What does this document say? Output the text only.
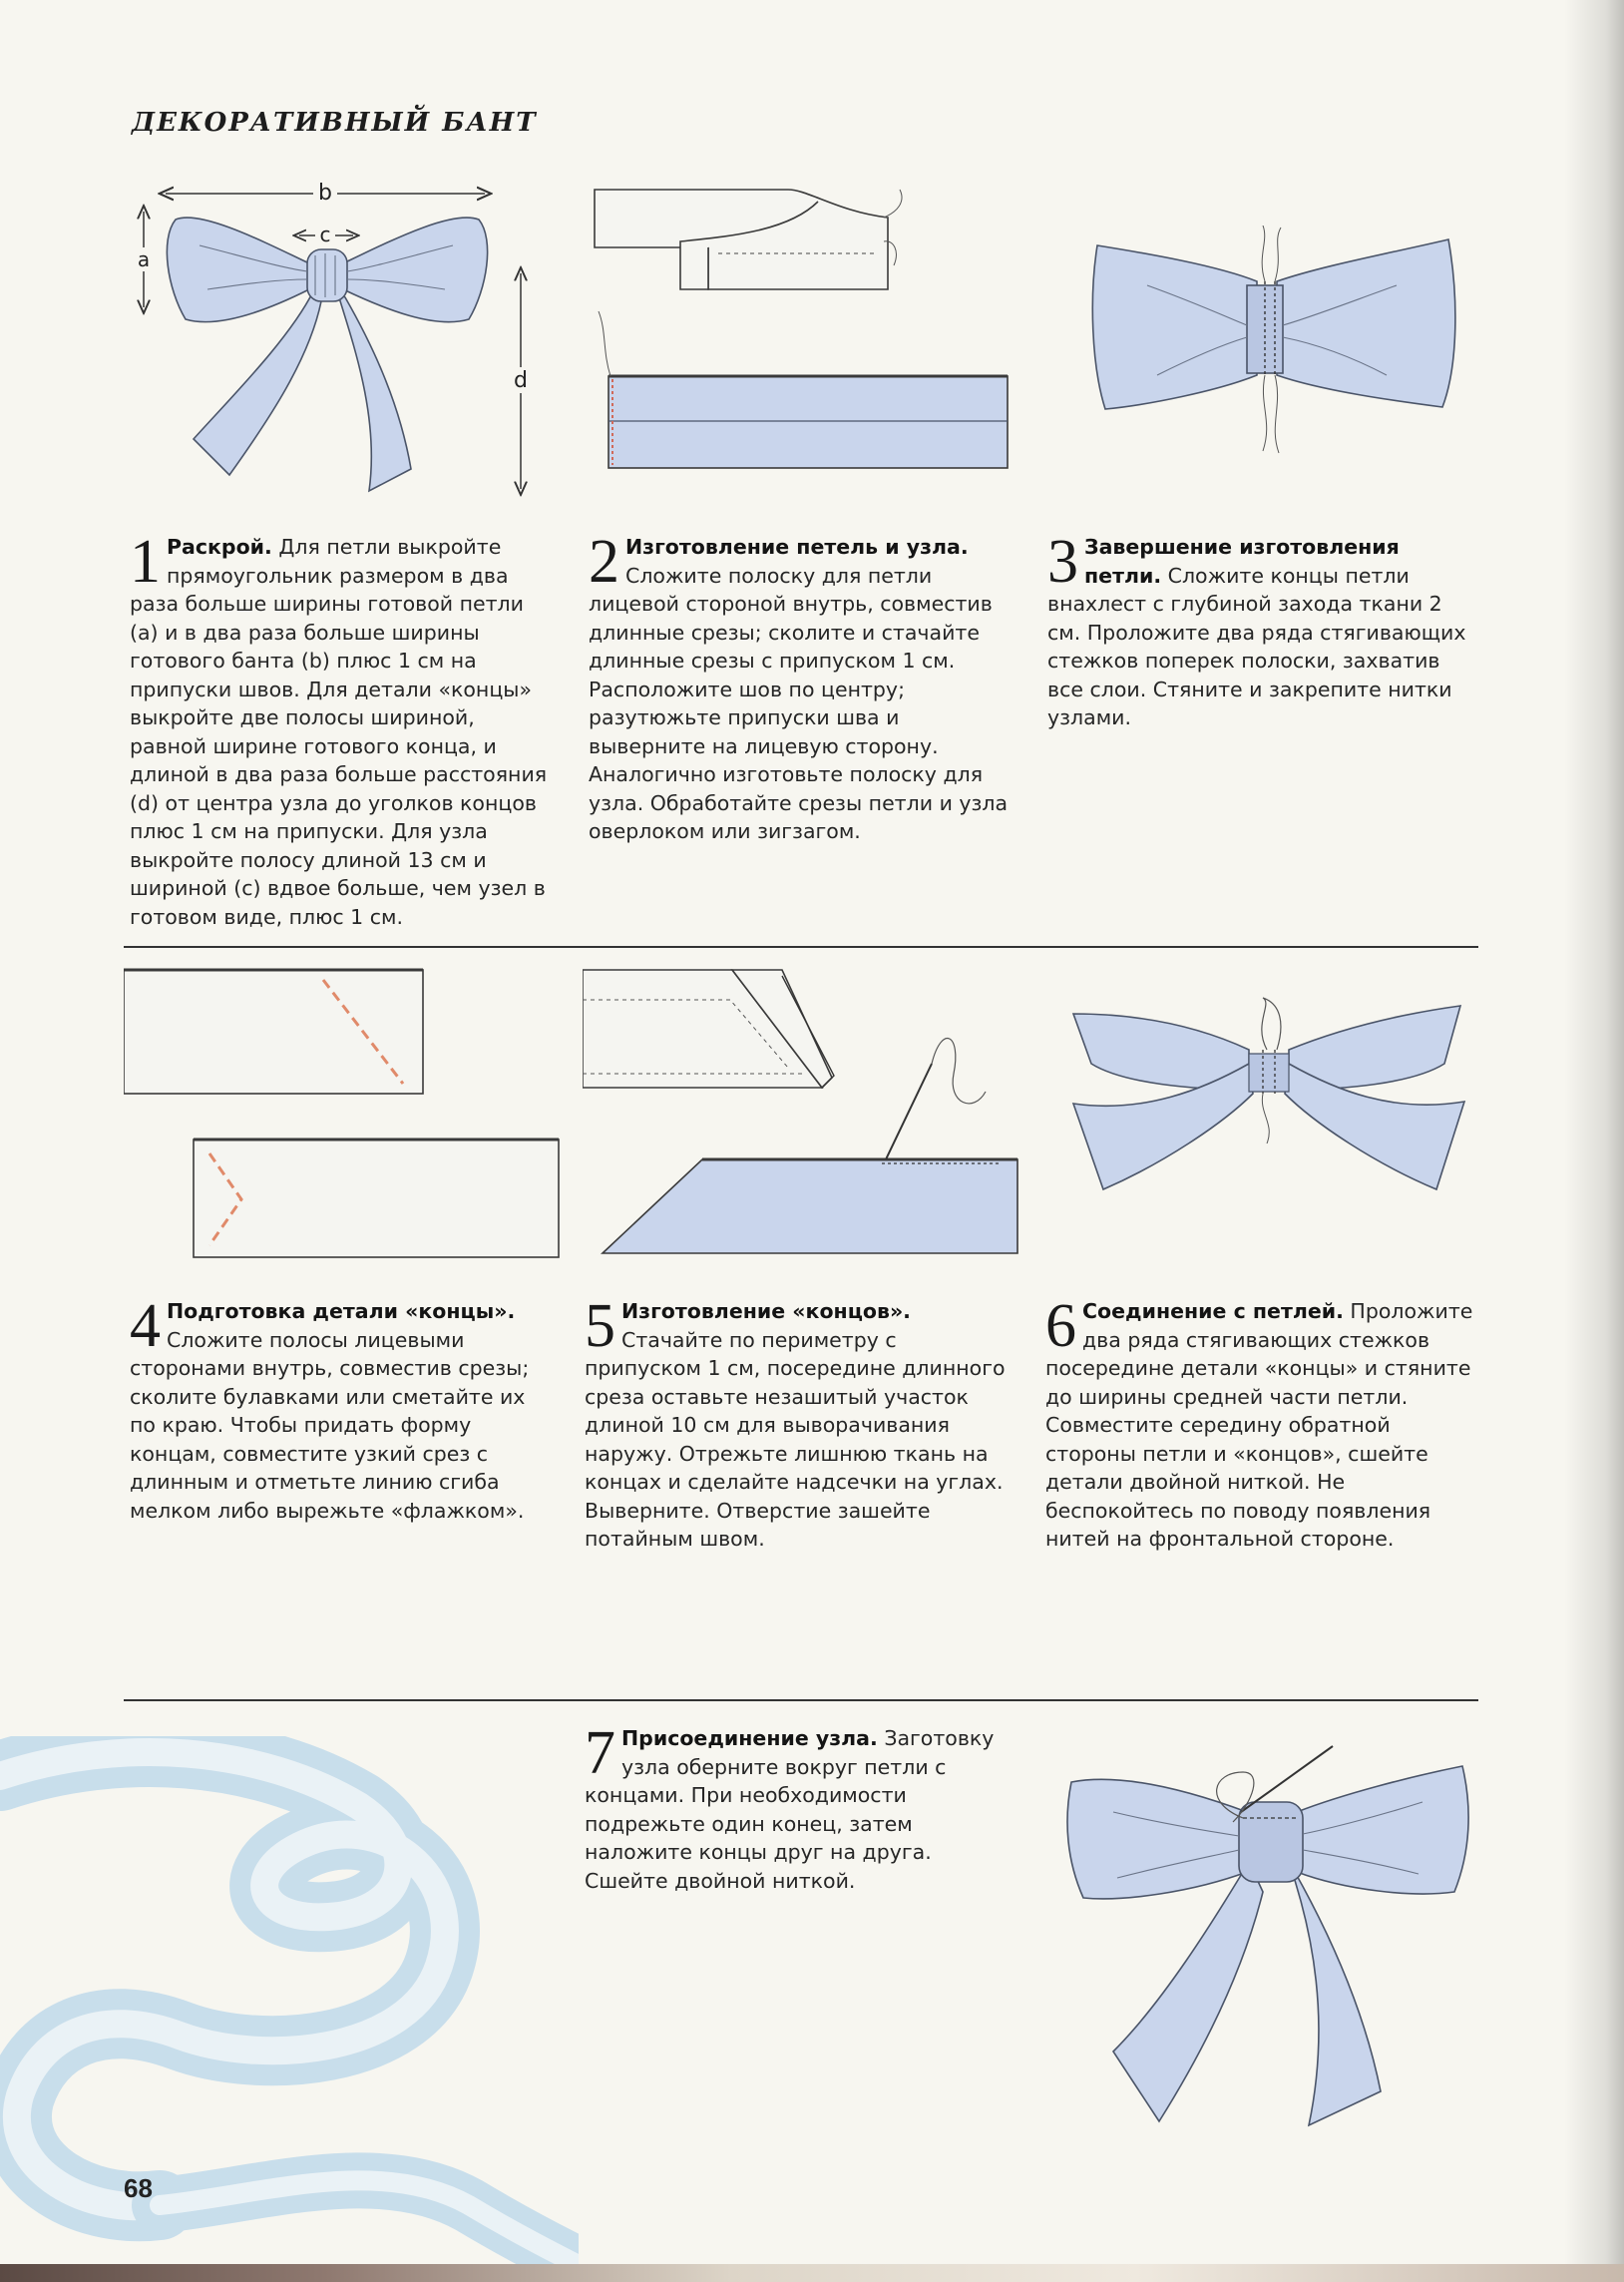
ДЕКОРАТИВНЫЙ БАНТ
b
c
a
d
1 Раскрой. Для петли выкройте прямоугольник размером в два раза больше ширины готовой петли (a) и в два раза больше ширины готового банта (b) плюс 1 см на припуски швов. Для детали «концы» выкройте две полосы шириной, равной ширине готового конца, и длиной в два раза больше расстояния (d) от центра узла до уголков концов плюс 1 см на припуски. Для узла выкройте полосу длиной 13 см и шириной (c) вдвое больше, чем узел в готовом виде, плюс 1 см.
2 Изготовление петель и узла. Сложите полоску для петли лицевой стороной внутрь, совместив длинные срезы; сколите и стачайте длинные срезы с припуском 1 см. Расположите шов по центру; разутюжьте припуски шва и выверните на лицевую сторону. Аналогично изготовьте полоску для узла. Обработайте срезы петли и узла оверлоком или зигзагом.
3 Завершение изготовления петли. Сложите концы петли внахлест с глубиной захода ткани 2 см. Проложите два ряда стягивающих стежков поперек полоски, захватив все слои. Стяните и закрепите нитки узлами.
4 Подготовка детали «концы». Сложите полосы лицевыми сторонами внутрь, совместив срезы; сколите булавками или сметайте их по краю. Чтобы придать форму концам, совместите узкий срез с длинным и отметьте линию сгиба мелком либо вырежьте «флажком».
5 Изготовление «концов». Стачайте по периметру с припуском 1 см, посередине длинного среза оставьте незашитый участок длиной 10 см для выворачивания наружу. Отрежьте лишнюю ткань на концах и сделайте надсечки на углах. Выверните. Отверстие зашейте потайным швом.
6 Соединение с петлей. Проложите два ряда стягивающих стежков посередине детали «концы» и стяните до ширины средней части петли. Совместите середину обратной стороны петли и «концов», сшейте детали двойной ниткой. Не беспокойтесь по поводу появления нитей на фронтальной стороне.
7 Присоединение узла. Заготовку узла оберните вокруг петли с концами. При необходимости подрежьте один конец, затем наложите концы друг на друга. Сшейте двойной ниткой.
68
